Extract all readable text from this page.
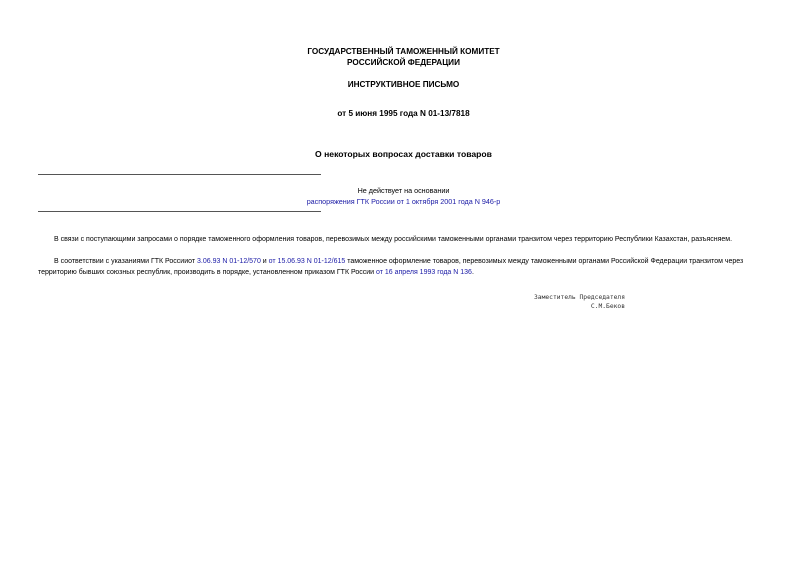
ГОСУДАРСТВЕННЫЙ ТАМОЖЕННЫЙ КОМИТЕТ
РОССИЙСКОЙ ФЕДЕРАЦИИ
ИНСТРУКТИВНОЕ ПИСЬМО
от 5 июня 1995 года N 01-13/7818
О некоторых вопросах доставки товаров
Не действует на основании
распоряжения ГТК России от 1 октября 2001 года N 946-р
В связи с поступающими запросами о порядке таможенного оформления товаров, перевозимых между российскими таможенными органами транзитом через территорию Республики Казахстан, разъясняем.
В соответствии с указаниями ГТК Россииот 3.06.93 N 01-12/570 и от 15.06.93 N 01-12/615 таможенное оформление товаров, перевозимых между таможенными органами Российской Федерации транзитом через территорию бывших союзных республик, производить в порядке, установленном приказом ГТК России от 16 апреля 1993 года N 136.
Заместитель Председателя
С.М.Беков
